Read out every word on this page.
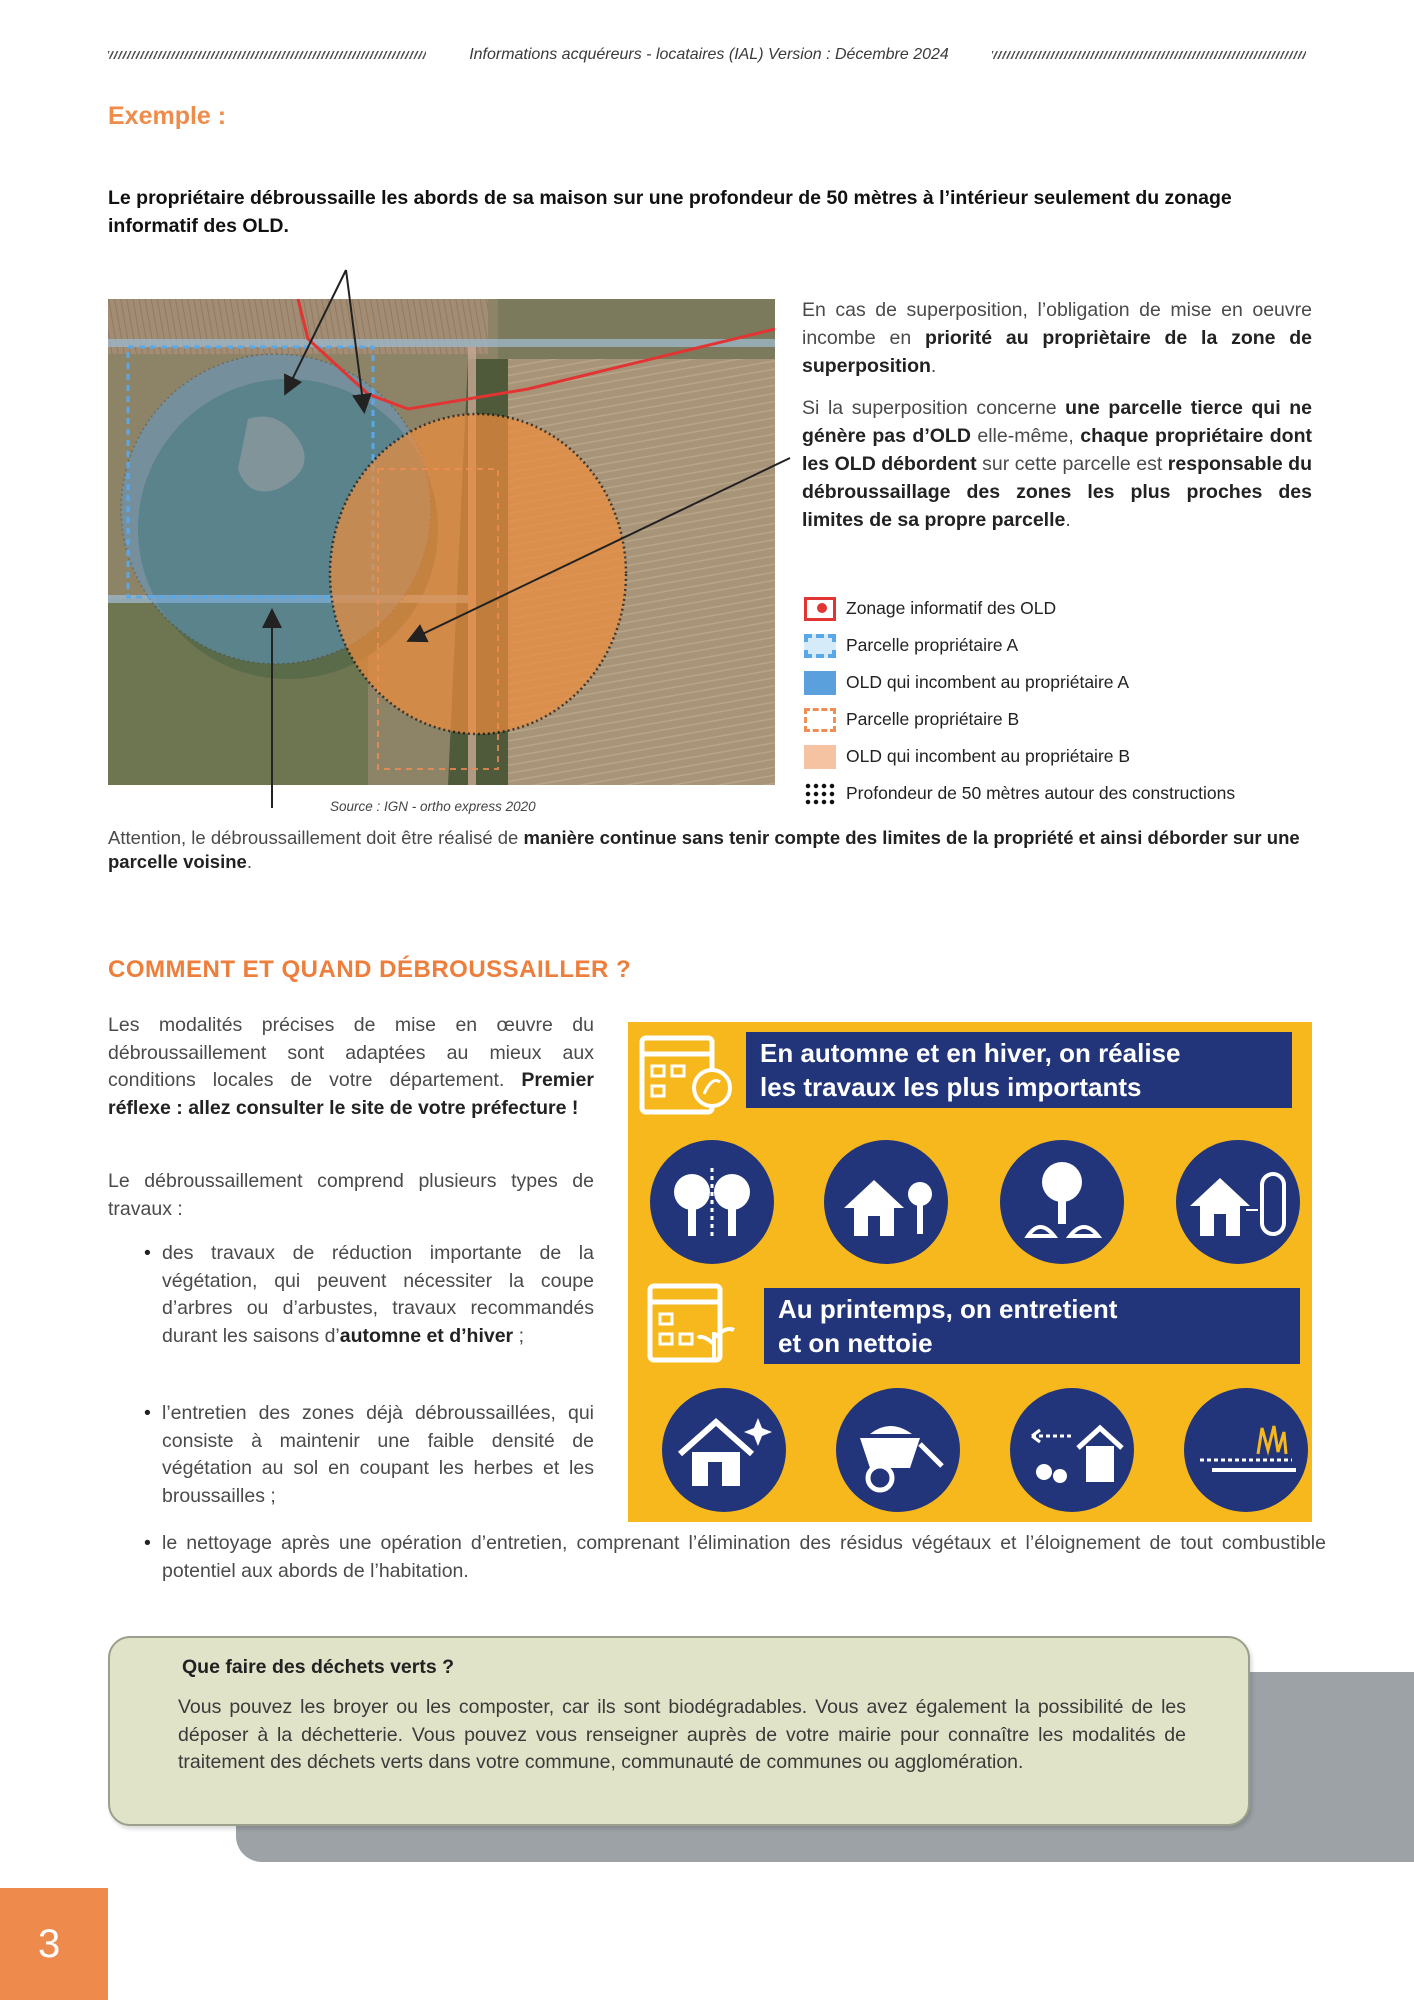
Informations acquéreurs - locataires (IAL) Version : Décembre 2024
Exemple :
Le propriétaire débroussaille les abords de sa maison sur une profondeur de 50 mètres à l’intérieur seulement du zonage informatif des OLD.
Source : IGN - ortho express 2020
En cas de superposition, l’obligation de mise en oeuvre incombe en priorité au propriètaire de la zone de superposition.
Si la superposition concerne une parcelle tierce qui ne génère pas d’OLD elle-même, chaque propriétaire dont les OLD débordent sur cette parcelle est responsable du débroussaillage des zones les plus proches des limites de sa propre parcelle.
Zonage informatif des OLD
Parcelle propriétaire A
OLD qui incombent au propriétaire A
Parcelle propriétaire B
OLD qui incombent au propriétaire B
Profondeur de 50 mètres autour des constructions
Attention, le débroussaillement doit être réalisé de manière continue sans tenir compte des limites de la propriété et ainsi déborder sur une parcelle voisine.
COMMENT ET QUAND DÉBROUSSAILLER ?
Les modalités précises de mise en œuvre du débroussaillement sont adaptées au mieux aux conditions locales de votre département. Premier réflexe : allez consulter le site de votre préfecture !
Le débroussaillement comprend plusieurs types de travaux :
• des travaux de réduction importante de la végétation, qui peuvent nécessiter la coupe d’arbres ou d’arbustes, travaux recommandés durant les saisons d’automne et d’hiver ;
• l’entretien des zones déjà débroussaillées, qui consiste à maintenir une faible densité de végétation au sol en coupant les herbes et les broussailles ;
• le nettoyage après une opération d’entretien, comprenant l’élimination des résidus végétaux et l’éloignement de tout combustible potentiel aux abords de l’habitation.
En automne et en hiver, on réalise
les travaux les plus importants
Au printemps, on entretient
et on nettoie
Que faire des déchets verts ?
Vous pouvez les broyer ou les composter, car ils sont biodégradables. Vous avez également la possibilité de les déposer à la déchetterie. Vous pouvez vous renseigner auprès de votre mairie pour connaître les modalités de traitement des déchets verts dans votre commune, communauté de communes ou agglomération.
3
